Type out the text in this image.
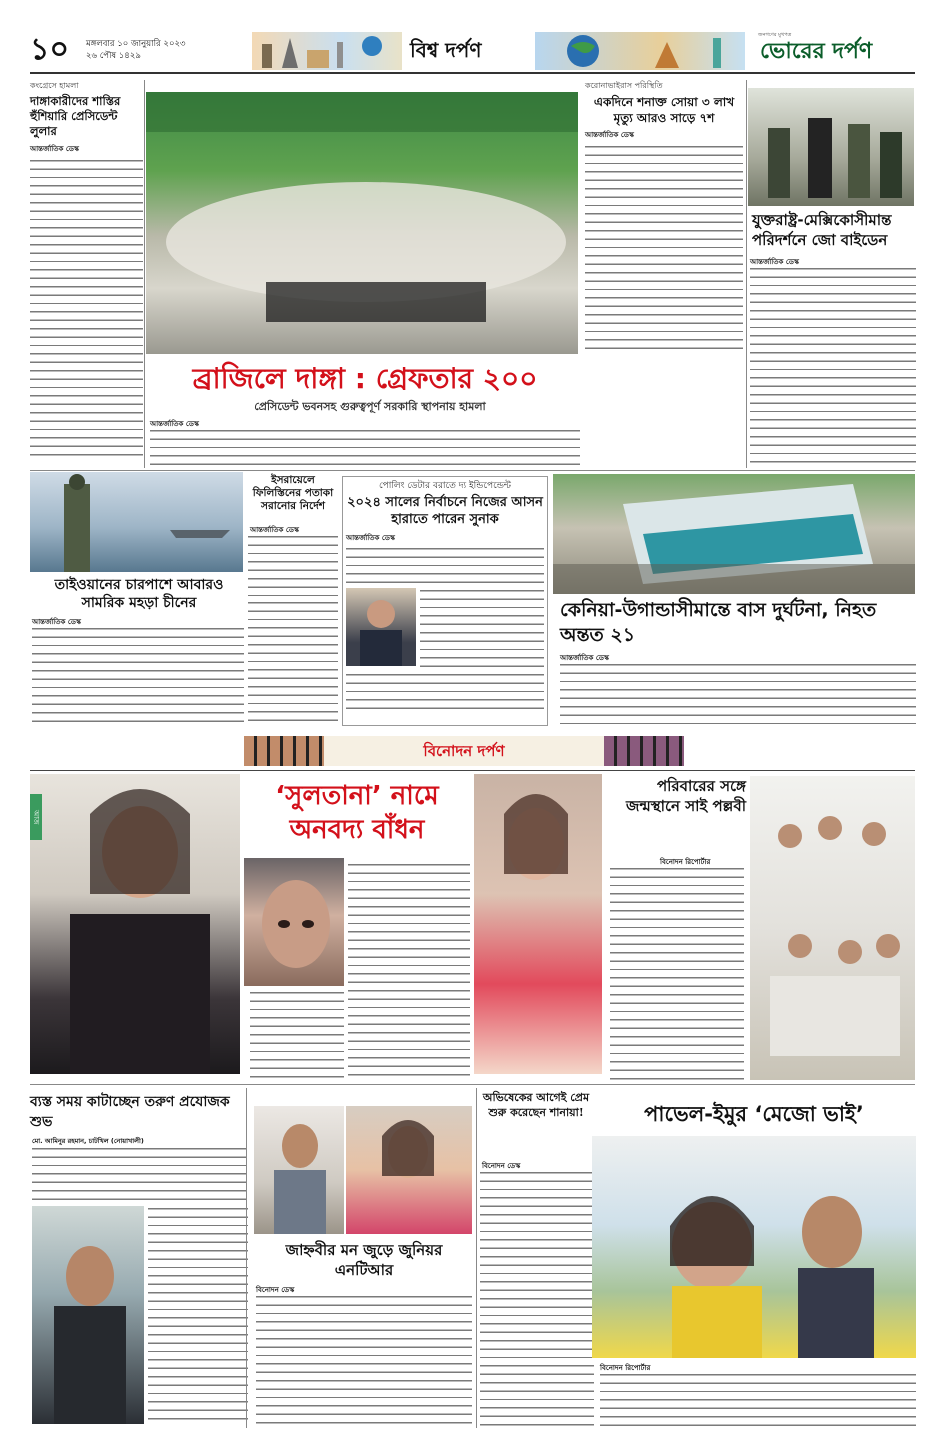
১০ মঙ্গলবার ১০ জানুয়ারি ২০২৩
২৬ পৌষ ১৪২৯	বিশ্ব দর্পণ
জনগণের মুখপত্র
ভোরের দর্পণ
কংগ্রেসে হামলা
দাঙ্গাকারীদের শাস্তির হুঁশিয়ারি প্রেসিডেন্ট লুলার
আন্তর্জাতিক ডেস্ক
করোনাভাইরাস পরিস্থিতি
একদিনে শনাক্ত সোয়া ৩ লাখ মৃত্যু আরও সাড়ে ৭শ
আন্তর্জাতিক ডেস্ক
যুক্তরাষ্ট্র-মেক্সিকোসীমান্ত পরিদর্শনে জো বাইডেন
আন্তর্জাতিক ডেস্ক
ব্রাজিলে দাঙ্গা : গ্রেফতার ২০০
প্রেসিডেন্ট ভবনসহ গুরুত্বপূর্ণ সরকারি স্থাপনায় হামলা
আন্তর্জাতিক ডেস্ক
তাইওয়ানের চারপাশে আবারও সামরিক মহড়া চীনের
আন্তর্জাতিক ডেস্ক
ইসরায়েলে ফিলিস্তিনের পতাকা সরানোর নির্দেশ
আন্তর্জাতিক ডেস্ক
পোলিং ডেটার বরাতে দ্য ইন্ডিপেন্ডেন্ট
২০২৪ সালের নির্বাচনে নিজের আসন হারাতে পারেন সুনাক
আন্তর্জাতিক ডেস্ক
কেনিয়া-উগান্ডাসীমান্তে বাস দুর্ঘটনা, নিহত অন্তত ২১
আন্তর্জাতিক ডেস্ক
বিনোদন দর্পণ
আজ
‘সুলতানা’ নামে
অনবদ্য বাঁধন
পরিবারের সঙ্গে জন্মস্থানে সাই পল্লবী
বিনোদন রিপোর্টার
ব্যস্ত সময় কাটাচ্ছেন তরুণ প্রযোজক শুভ
মো. আমিনুর রহমান, চাটখিল (নোয়াখালী)
জাহ্নবীর মন জুড়ে জুনিয়র এনটিআর
বিনোদন ডেস্ক
অভিষেকের আগেই প্রেম শুরু করেছেন শানায়া!
বিনোদন ডেস্ক
পাভেল-ইমুর ‘মেজো ভাই’
বিনোদন রিপোর্টার
